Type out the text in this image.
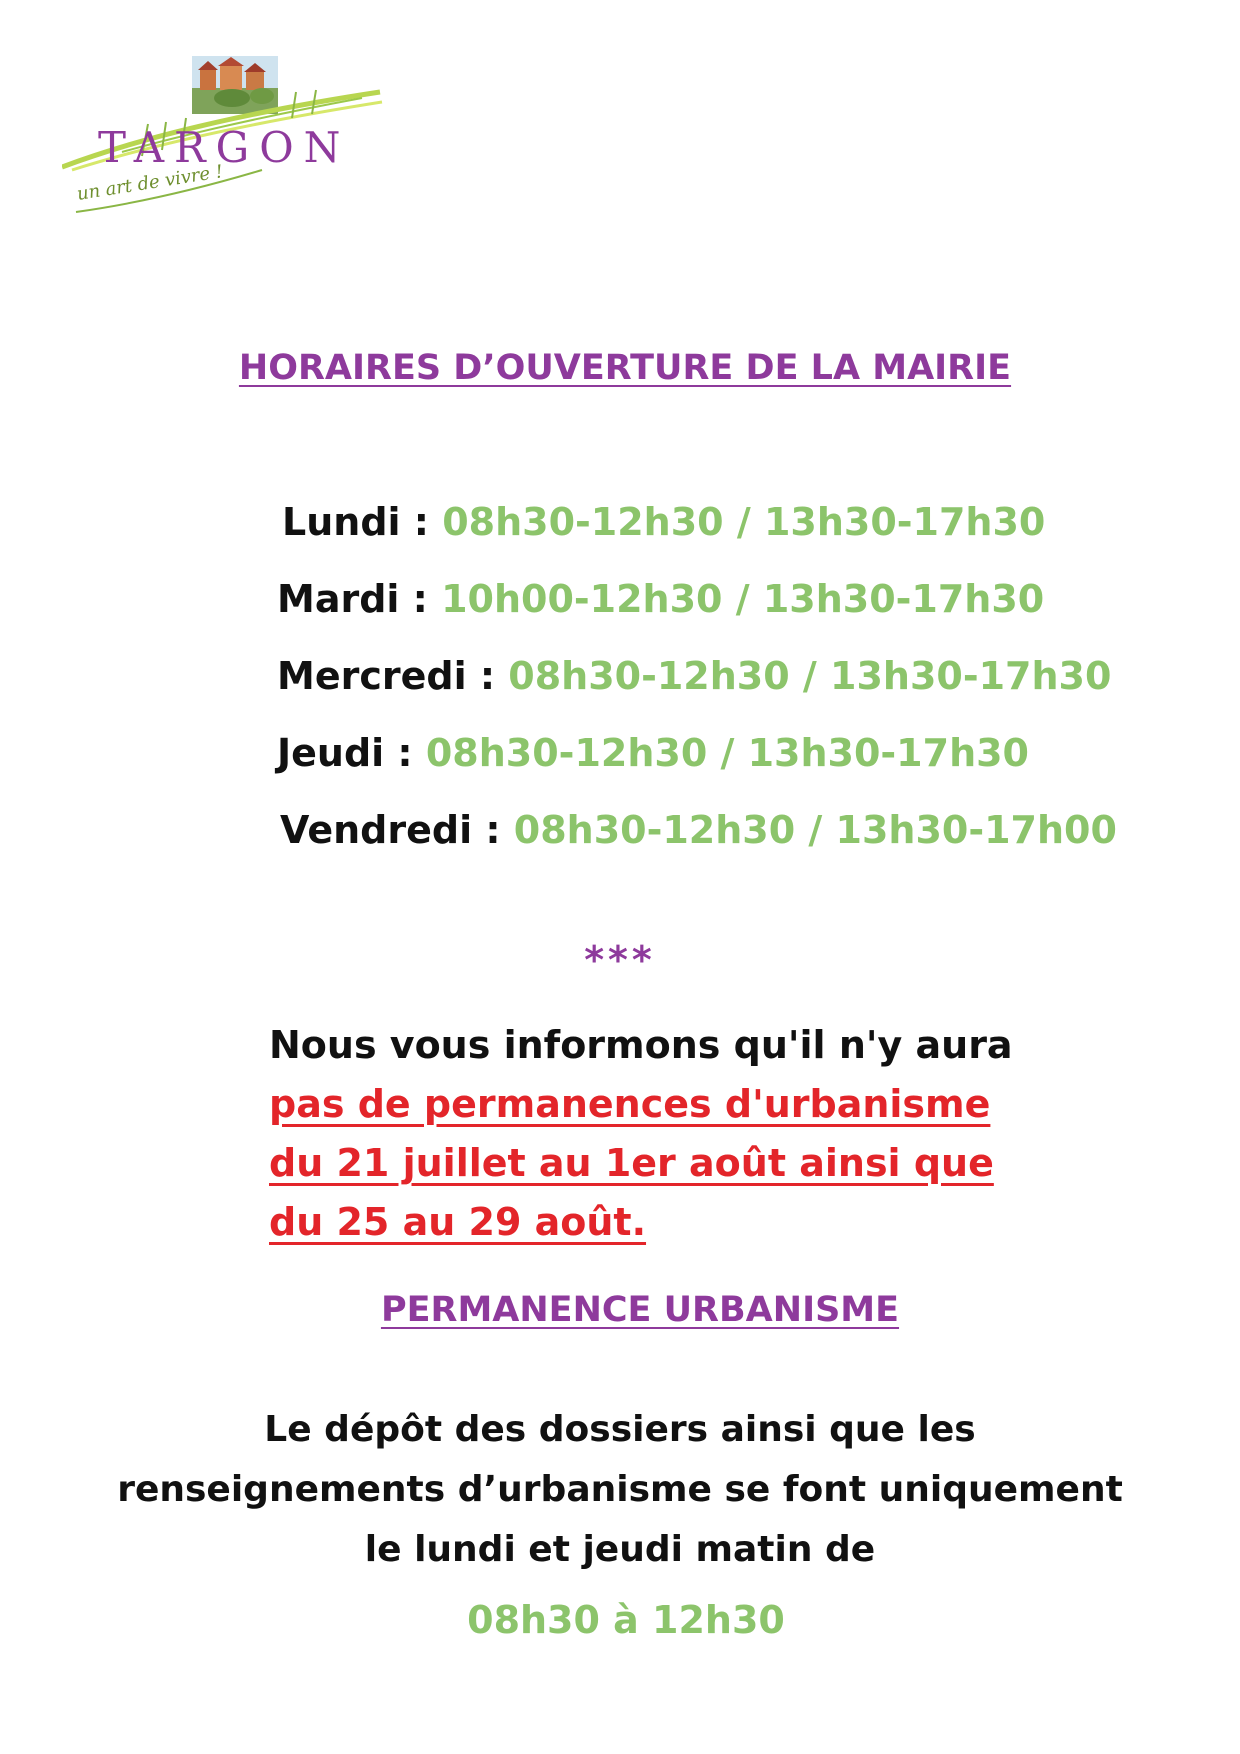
TARGON
un art de vivre !
HORAIRES D’OUVERTURE DE LA MAIRIE
Lundi : 08h30-12h30 / 13h30-17h30
Mardi : 10h00-12h30 / 13h30-17h30
Mercredi : 08h30-12h30 / 13h30-17h30
Jeudi : 08h30-12h30 / 13h30-17h30
Vendredi : 08h30-12h30 / 13h30-17h00
***
Nous vous informons qu'il n'y aura
pas de permanences d'urbanisme
du 21 juillet au 1er août ainsi que
du 25 au 29 août.
PERMANENCE URBANISME
Le dépôt des dossiers ainsi que les
renseignements d’urbanisme se font uniquement
le lundi et jeudi matin de
08h30 à 12h30
